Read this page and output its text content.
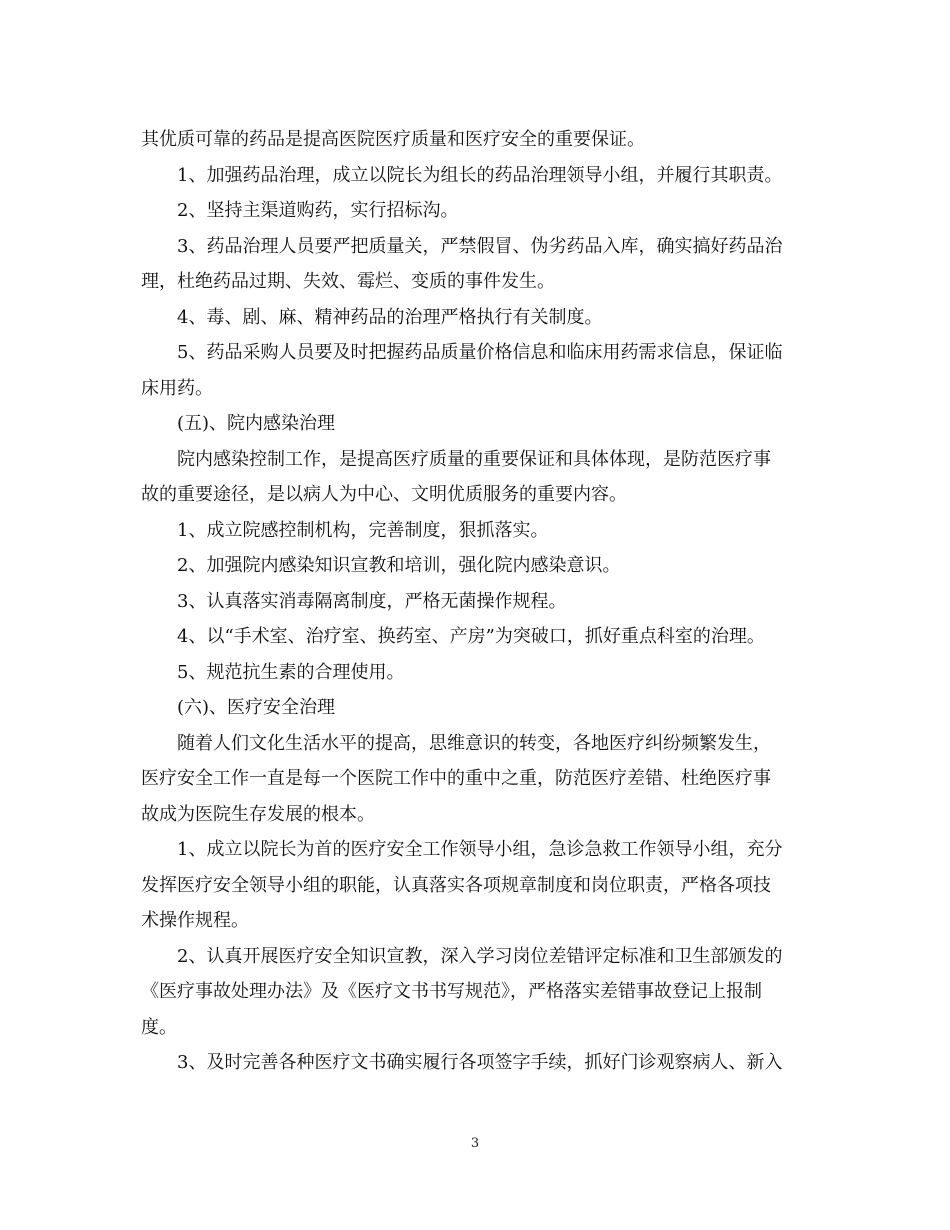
其优质可靠的药品是提高医院医疗质量和医疗安全的重要保证。

1、加强药品治理，成立以院长为组长的药品治理领导小组，并履行其职责。

2、坚持主渠道购药，实行招标沟。

3、药品治理人员要严把质量关，严禁假冒、伪劣药品入库，确实搞好药品治

理，杜绝药品过期、失效、霉烂、变质的事件发生。

4、毒、剧、麻、精神药品的治理严格执行有关制度。

5、药品采购人员要及时把握药品质量价格信息和临床用药需求信息，保证临

床用药。

(五)、院内感染治理

院内感染控制工作，是提高医疗质量的重要保证和具体体现，是防范医疗事

故的重要途径，是以病人为中心、文明优质服务的重要内容。

1、成立院感控制机构，完善制度，狠抓落实。

2、加强院内感染知识宣教和培训，强化院内感染意识。

3、认真落实消毒隔离制度，严格无菌操作规程。

4、以“手术室、治疗室、换药室、产房”为突破口，抓好重点科室的治理。

5、规范抗生素的合理使用。

(六)、医疗安全治理

随着人们文化生活水平的提高，思维意识的转变，各地医疗纠纷频繁发生，

医疗安全工作一直是每一个医院工作中的重中之重，防范医疗差错、杜绝医疗事

故成为医院生存发展的根本。

1、成立以院长为首的医疗安全工作领导小组，急诊急救工作领导小组，充分

发挥医疗安全领导小组的职能，认真落实各项规章制度和岗位职责，严格各项技

术操作规程。

2、认真开展医疗安全知识宣教，深入学习岗位差错评定标准和卫生部颁发的

《医疗事故处理办法》及《医疗文书书写规范》，严格落实差错事故登记上报制

度。

3、及时完善各种医疗文书确实履行各项签字手续，抓好门诊观察病人、新入

3
